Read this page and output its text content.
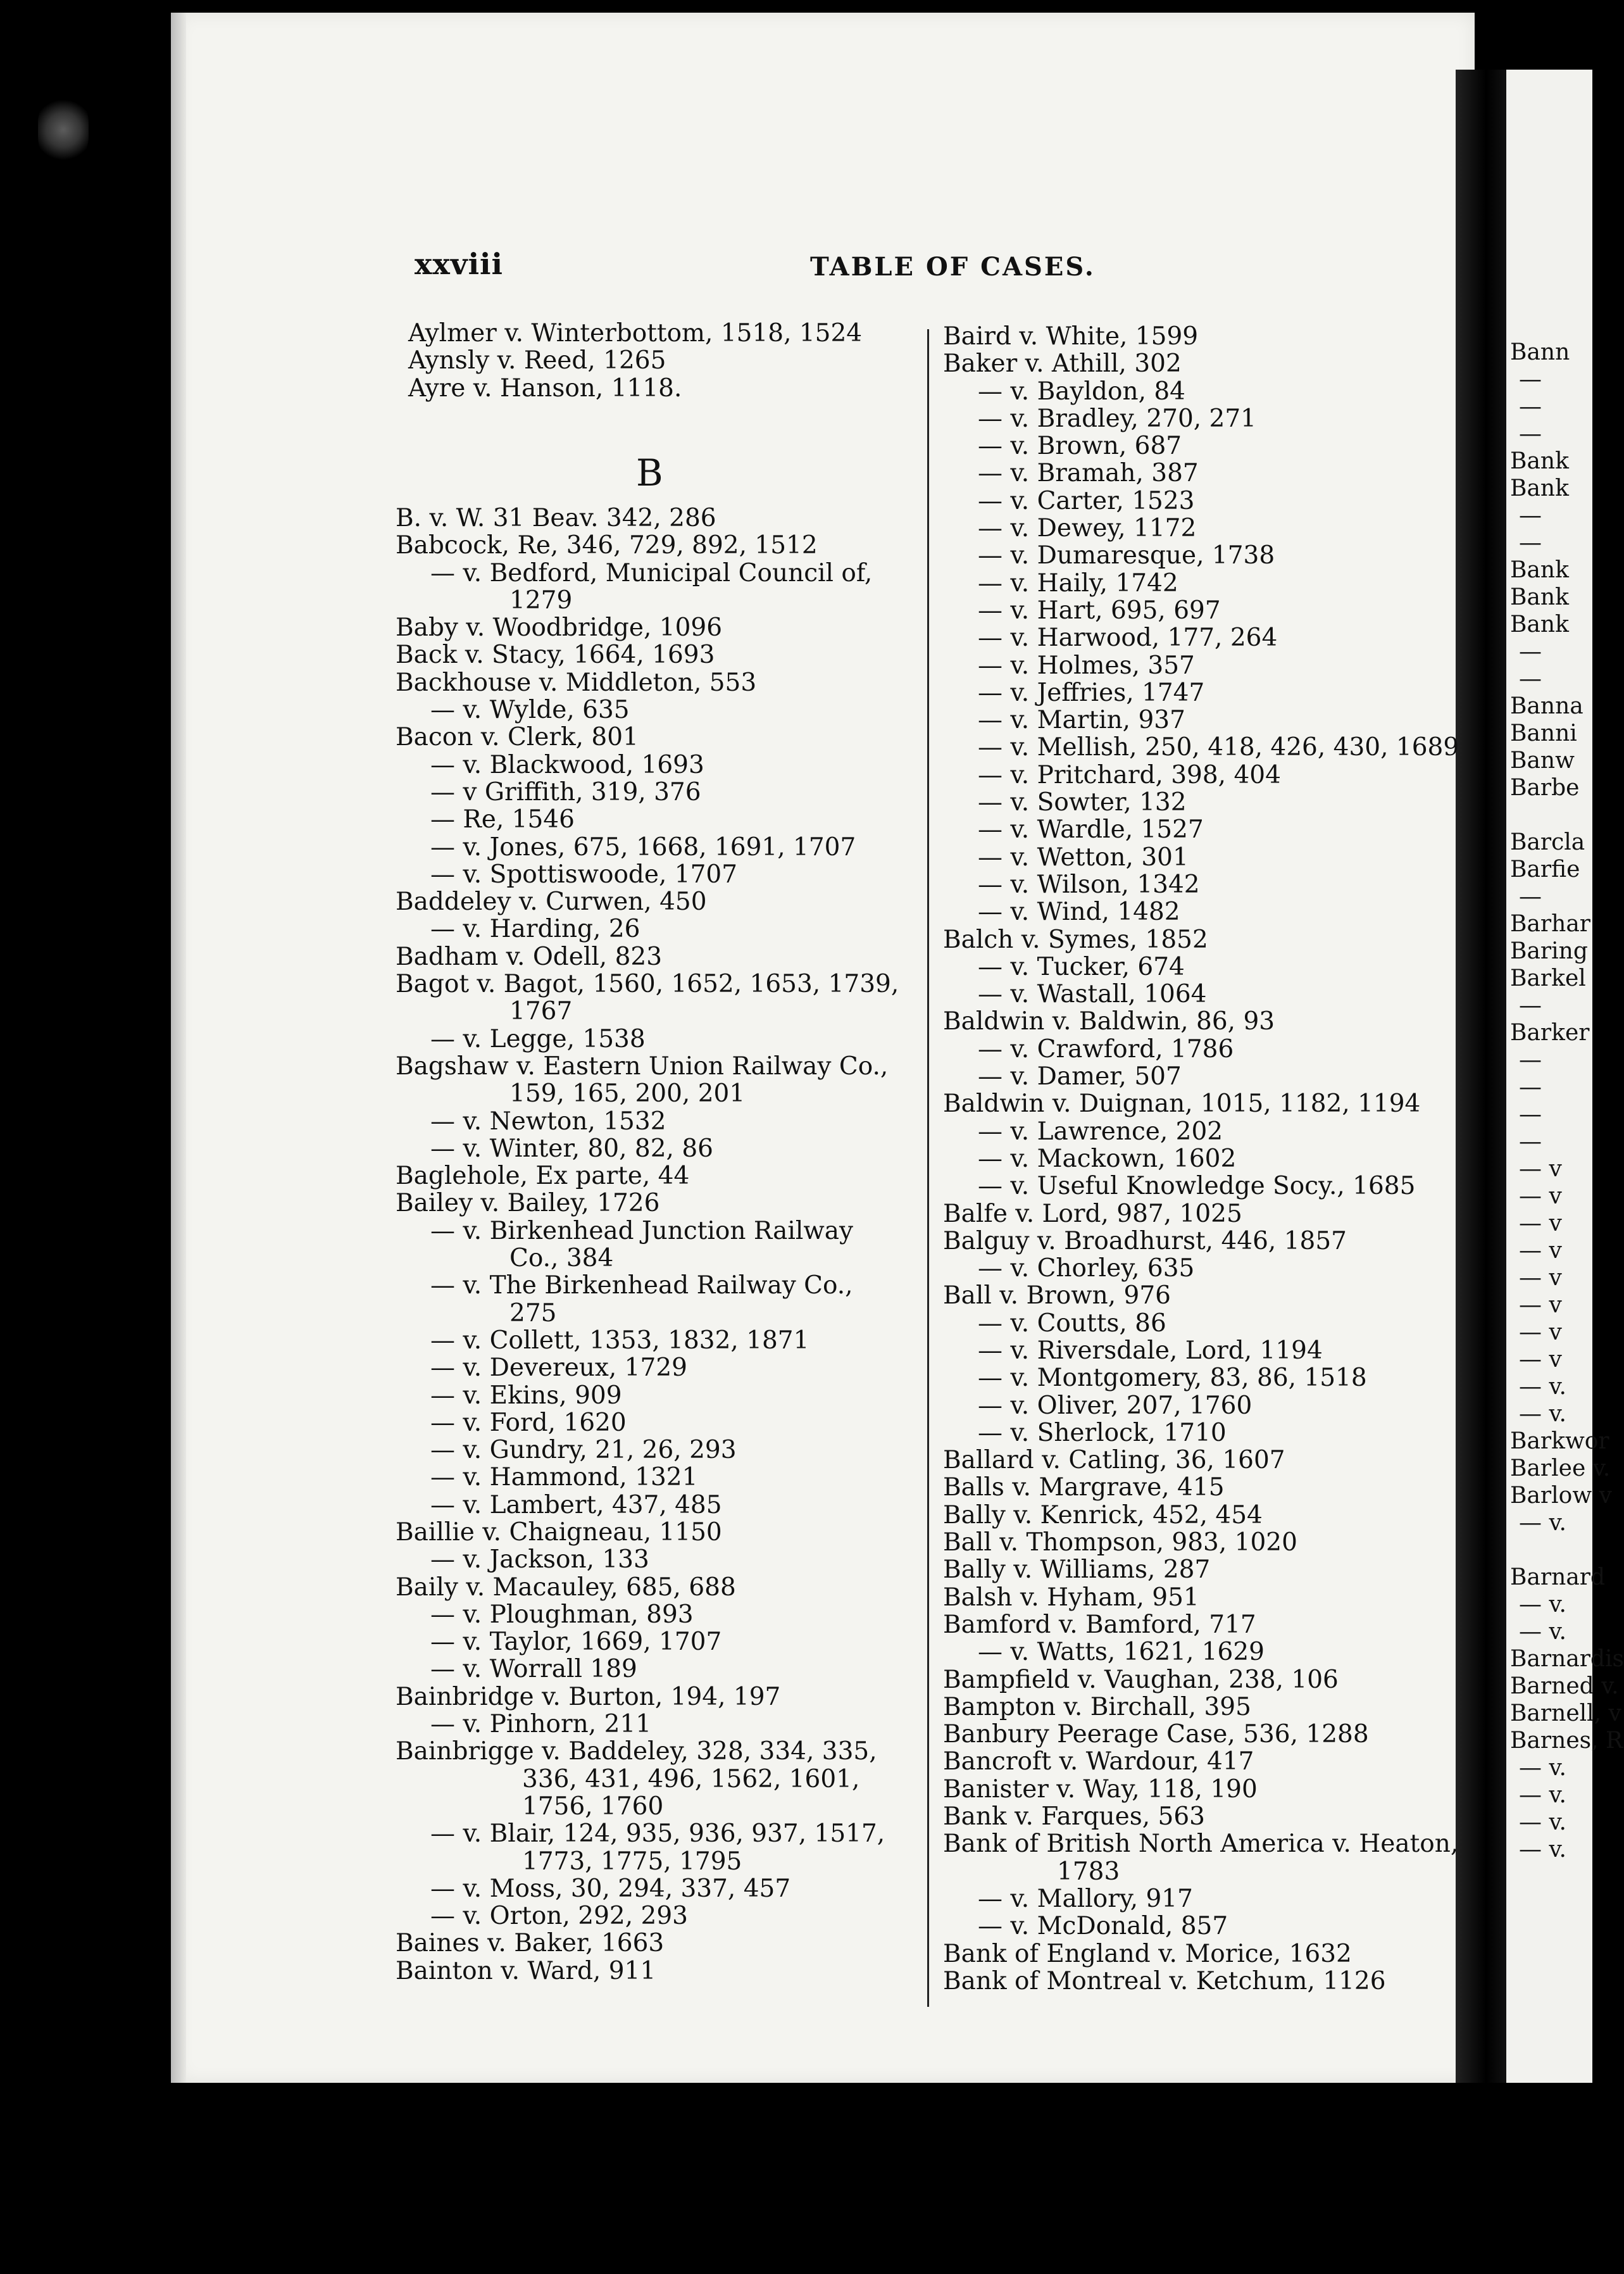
Bann
—
—
—
Bank
Bank
—
—
Bank
Bank
Bank
—
—
Banna
Banni
Banw
Barbe
Barcla
Barfie
—
Barhar
Baring
Barkel
—
Barker
—
—
—
—
— v
— v
— v
— v
— v
— v
— v
— v
— v.
— v.
Barkwor
Barlee v.
Barlow v
— v.
Barnard
— v.
— v.
Barnardis
Barned v.
Barnell, v
Barnes, R
— v.
— v.
— v.
— v.
xxviii	TABLE OF CASES.
Aylmer v. Winterbottom, 1518, 1524
Aynsly v. Reed, 1265
Ayre v. Hanson, 1118.
B
B. v. W. 31 Beav. 342, 286
Babcock, Re, 346, 729, 892, 1512
— v. Bedford, Municipal Council of,
1279
Baby v. Woodbridge, 1096
Back v. Stacy, 1664, 1693
Backhouse v. Middleton, 553
— v. Wylde, 635
Bacon v. Clerk, 801
— v. Blackwood, 1693
— v Griffith, 319, 376
— Re, 1546
— v. Jones, 675, 1668, 1691, 1707
— v. Spottiswoode, 1707
Baddeley v. Curwen, 450
— v. Harding, 26
Badham v. Odell, 823
Bagot v. Bagot, 1560, 1652, 1653, 1739,
1767
— v. Legge, 1538
Bagshaw v. Eastern Union Railway Co.,
159, 165, 200, 201
— v. Newton, 1532
— v. Winter, 80, 82, 86
Baglehole, Ex parte, 44
Bailey v. Bailey, 1726
— v. Birkenhead Junction Railway
Co., 384
— v. The Birkenhead Railway Co.,
275
— v. Collett, 1353, 1832, 1871
— v. Devereux, 1729
— v. Ekins, 909
— v. Ford, 1620
— v. Gundry, 21, 26, 293
— v. Hammond, 1321
— v. Lambert, 437, 485
Baillie v. Chaigneau, 1150
— v. Jackson, 133
Baily v. Macauley, 685, 688
— v. Ploughman, 893
— v. Taylor, 1669, 1707
— v. Worrall 189
Bainbridge v. Burton, 194, 197
— v. Pinhorn, 211
Bainbrigge v. Baddeley, 328, 334, 335,
336, 431, 496, 1562, 1601,
1756, 1760
— v. Blair, 124, 935, 936, 937, 1517,
1773, 1775, 1795
— v. Moss, 30, 294, 337, 457
— v. Orton, 292, 293
Baines v. Baker, 1663
Bainton v. Ward, 911
Baird v. White, 1599
Baker v. Athill, 302
— v. Bayldon, 84
— v. Bradley, 270, 271
— v. Brown, 687
— v. Bramah, 387
— v. Carter, 1523
— v. Dewey, 1172
— v. Dumaresque, 1738
— v. Haily, 1742
— v. Hart, 695, 697
— v. Harwood, 177, 264
— v. Holmes, 357
— v. Jeffries, 1747
— v. Martin, 937
— v. Mellish, 250, 418, 426, 430, 1689
— v. Pritchard, 398, 404
— v. Sowter, 132
— v. Wardle, 1527
— v. Wetton, 301
— v. Wilson, 1342
— v. Wind, 1482
Balch v. Symes, 1852
— v. Tucker, 674
— v. Wastall, 1064
Baldwin v. Baldwin, 86, 93
— v. Crawford, 1786
— v. Damer, 507
Baldwin v. Duignan, 1015, 1182, 1194
— v. Lawrence, 202
— v. Mackown, 1602
— v. Useful Knowledge Socy., 1685
Balfe v. Lord, 987, 1025
Balguy v. Broadhurst, 446, 1857
— v. Chorley, 635
Ball v. Brown, 976
— v. Coutts, 86
— v. Riversdale, Lord, 1194
— v. Montgomery, 83, 86, 1518
— v. Oliver, 207, 1760
— v. Sherlock, 1710
Ballard v. Catling, 36, 1607
Balls v. Margrave, 415
Bally v. Kenrick, 452, 454
Ball v. Thompson, 983, 1020
Bally v. Williams, 287
Balsh v. Hyham, 951
Bamford v. Bamford, 717
— v. Watts, 1621, 1629
Bampfield v. Vaughan, 238, 106
Bampton v. Birchall, 395
Banbury Peerage Case, 536, 1288
Bancroft v. Wardour, 417
Banister v. Way, 118, 190
Bank v. Farques, 563
Bank of British North America v. Heaton,
1783
— v. Mallory, 917
— v. McDonald, 857
Bank of England v. Morice, 1632
Bank of Montreal v. Ketchum, 1126
